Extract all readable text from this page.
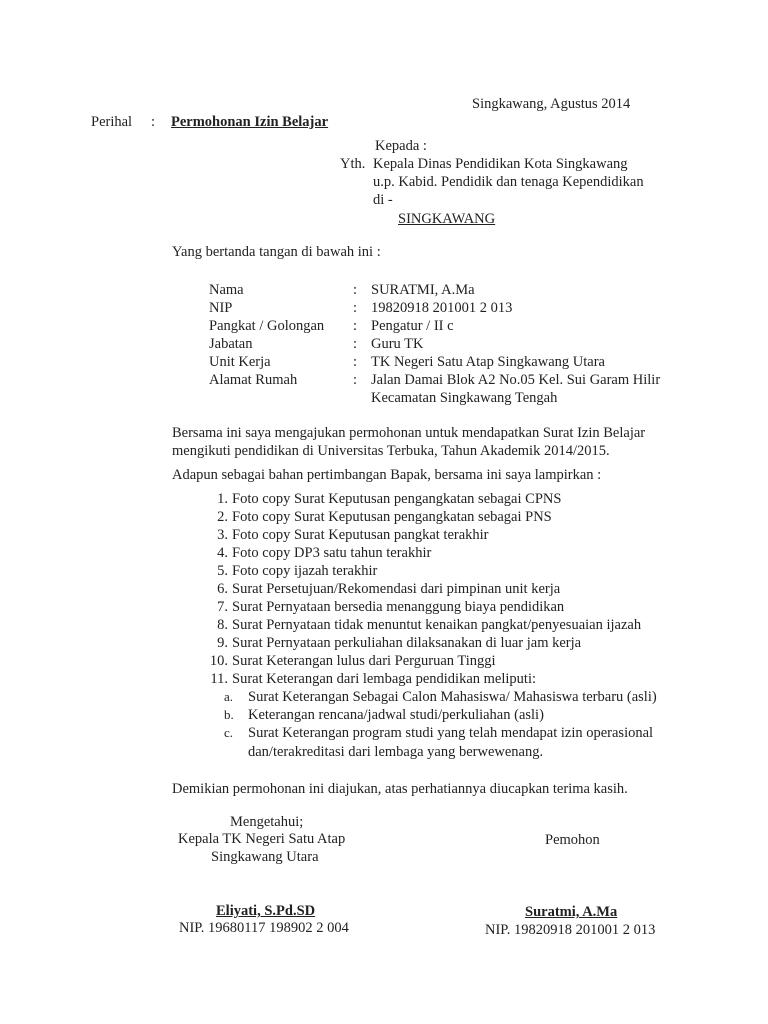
Singkawang, Agustus 2014
Perihal : Permohonan Izin Belajar
Kepada :
Yth. Kepala Dinas Pendidikan Kota Singkawang
u.p. Kabid. Pendidik dan tenaga Kependidikan
di -
SINGKAWANG
Yang bertanda tangan di bawah ini :
Nama	: SURATMI, A.Ma
NIP	: 19820918 201001 2 013
Pangkat / Golongan : Pengatur / II c
Jabatan	: Guru TK
Unit Kerja	: TK Negeri Satu Atap Singkawang Utara
Alamat Rumah	: Jalan Damai Blok A2 No.05 Kel. Sui Garam Hilir
Kecamatan Singkawang Tengah
Bersama ini saya mengajukan permohonan untuk mendapatkan Surat Izin Belajar
mengikuti pendidikan di Universitas Terbuka, Tahun Akademik 2014/2015.
Adapun sebagai bahan pertimbangan Bapak, bersama ini saya lampirkan :
1. Foto copy Surat Keputusan pengangkatan sebagai CPNS
2. Foto copy Surat Keputusan pengangkatan sebagai PNS
3. Foto copy Surat Keputusan pangkat terakhir
4. Foto copy DP3 satu tahun terakhir
5. Foto copy ijazah terakhir
6. Surat Persetujuan/Rekomendasi dari pimpinan unit kerja
7. Surat Pernyataan bersedia menanggung biaya pendidikan
8. Surat Pernyataan tidak menuntut kenaikan pangkat/penyesuaian ijazah
9. Surat Pernyataan perkuliahan dilaksanakan di luar jam kerja
10. Surat Keterangan lulus dari Perguruan Tinggi
11. Surat Keterangan dari lembaga pendidikan meliputi:
a. Surat Keterangan Sebagai Calon Mahasiswa/ Mahasiswa terbaru (asli)
b. Keterangan rencana/jadwal studi/perkuliahan (asli)
c. Surat Keterangan program studi yang telah mendapat izin operasional
dan/terakreditasi dari lembaga yang berwewenang.
Demikian permohonan ini diajukan, atas perhatiannya diucapkan terima kasih.
Mengetahui;
Kepala TK Negeri Satu Atap
Singkawang Utara
Eliyati, S.Pd.SD
NIP. 19680117 198902 2 004
Pemohon
Suratmi, A.Ma
NIP. 19820918 201001 2 013
